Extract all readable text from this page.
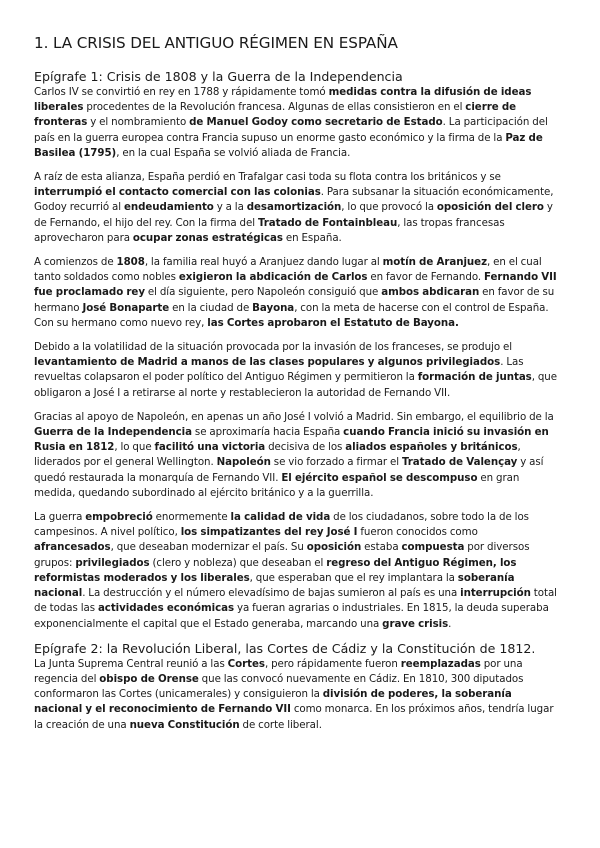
1. LA CRISIS DEL ANTIGUO RÉGIMEN EN ESPAÑA
Epígrafe 1: Crisis de 1808 y la Guerra de la Independencia

Carlos IV se convirtió en rey en 1788 y rápidamente tomó medidas contra la difusión de ideas liberales procedentes de la Revolución francesa. Algunas de ellas consistieron en el cierre de fronteras y el nombramiento de Manuel Godoy como secretario de Estado. La participación del país en la guerra europea contra Francia supuso un enorme gasto económico y la firma de la Paz de Basilea (1795), en la cual España se volvió aliada de Francia.

A raíz de esta alianza, España perdió en Trafalgar casi toda su flota contra los británicos y se interrumpió el contacto comercial con las colonias. Para subsanar la situación económicamente, Godoy recurrió al endeudamiento y a la desamortización, lo que provocó la oposición del clero y de Fernando, el hijo del rey. Con la firma del Tratado de Fontainbleau, las tropas francesas aprovecharon para ocupar zonas estratégicas en España.

A comienzos de 1808, la familia real huyó a Aranjuez dando lugar al motín de Aranjuez, en el cual tanto soldados como nobles exigieron la abdicación de Carlos en favor de Fernando. Fernando VII fue proclamado rey el día siguiente, pero Napoleón consiguió que ambos abdicaran en favor de su hermano José Bonaparte en la ciudad de Bayona, con la meta de hacerse con el control de España. Con su hermano como nuevo rey, las Cortes aprobaron el Estatuto de Bayona.

Debido a la volatilidad de la situación provocada por la invasión de los franceses, se produjo el levantamiento de Madrid a manos de las clases populares y algunos privilegiados. Las revueltas colapsaron el poder político del Antiguo Régimen y permitieron la formación de juntas, que obligaron a José I a retirarse al norte y restablecieron la autoridad de Fernando VII.

Gracias al apoyo de Napoleón, en apenas un año José I volvió a Madrid. Sin embargo, el equilibrio de la Guerra de la Independencia se aproximaría hacia España cuando Francia inició su invasión en Rusia en 1812, lo que facilitó una victoria decisiva de los aliados españoles y británicos, liderados por el general Wellington. Napoleón se vio forzado a firmar el Tratado de Valençay y así quedó restaurada la monarquía de Fernando VII. El ejército español se descompuso en gran medida, quedando subordinado al ejército británico y a la guerrilla.

La guerra empobreció enormemente la calidad de vida de los ciudadanos, sobre todo la de los campesinos. A nivel político, los simpatizantes del rey José I fueron conocidos como afrancesados, que deseaban modernizar el país. Su oposición estaba compuesta por diversos grupos: privilegiados (clero y nobleza) que deseaban el regreso del Antiguo Régimen, los reformistas moderados y los liberales, que esperaban que el rey implantara la soberanía nacional. La destrucción y el número elevadísimo de bajas sumieron al país es una interrupción total de todas las actividades económicas ya fueran agrarias o industriales. En 1815, la deuda superaba exponencialmente el capital que el Estado generaba, marcando una grave crisis.

Epígrafe 2: la Revolución Liberal, las Cortes de Cádiz y la Constitución de 1812.

La Junta Suprema Central reunió a las Cortes, pero rápidamente fueron reemplazadas por una regencia del obispo de Orense que las convocó nuevamente en Cádiz. En 1810, 300 diputados conformaron las Cortes (unicamerales) y consiguieron la división de poderes, la soberanía nacional y el reconocimiento de Fernando VII como monarca. En los próximos años, tendría lugar la creación de una nueva Constitución de corte liberal.
